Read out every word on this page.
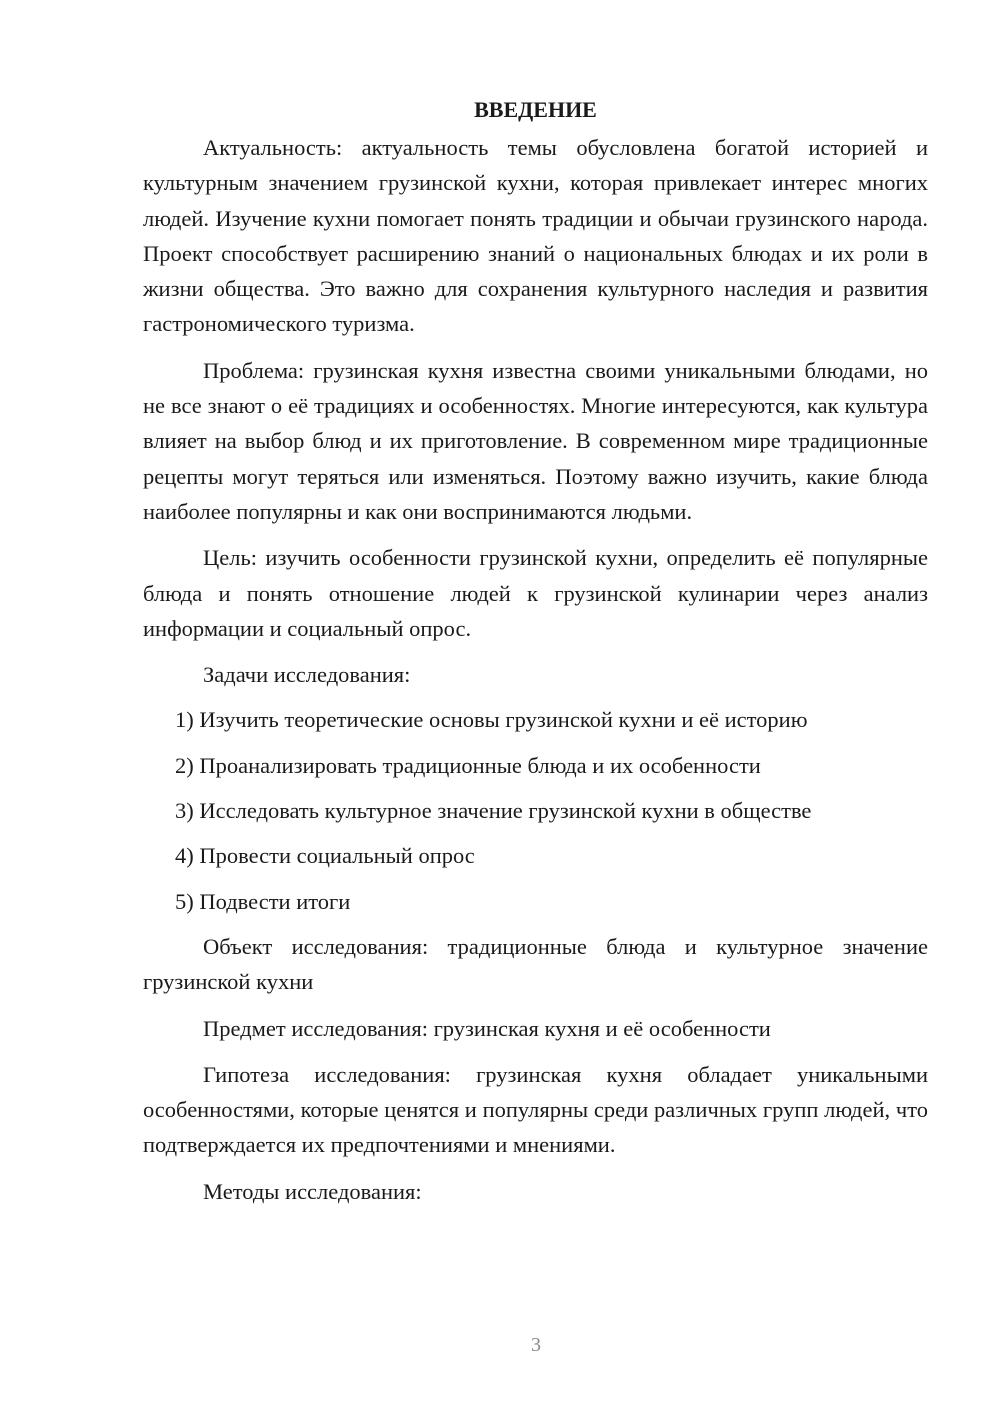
ВВЕДЕНИЕ

Актуальность: актуальность темы обусловлена богатой историей и культурным значением грузинской кухни, которая привлекает интерес многих людей. Изучение кухни помогает понять традиции и обычаи грузинского народа. Проект способствует расширению знаний о национальных блюдах и их роли в жизни общества. Это важно для сохранения культурного наследия и развития гастрономического туризма.

Проблема: грузинская кухня известна своими уникальными блюдами, но не все знают о её традициях и особенностях. Многие интересуются, как культура влияет на выбор блюд и их приготовление. В современном мире традиционные рецепты могут теряться или изменяться. Поэтому важно изучить, какие блюда наиболее популярны и как они воспринимаются людьми.

Цель: изучить особенности грузинской кухни, определить её популярные блюда и понять отношение людей к грузинской кулинарии через анализ информации и социальный опрос.

Задачи исследования:

1) Изучить теоретические основы грузинской кухни и её историю
2) Проанализировать традиционные блюда и их особенности
3) Исследовать культурное значение грузинской кухни в обществе
4) Провести социальный опрос
5) Подвести итоги

Объект исследования: традиционные блюда и культурное значение грузинской кухни

Предмет исследования: грузинская кухня и её особенности

Гипотеза исследования: грузинская кухня обладает уникальными особенностями, которые ценятся и популярны среди различных групп людей, что подтверждается их предпочтениями и мнениями.

Методы исследования:

3
